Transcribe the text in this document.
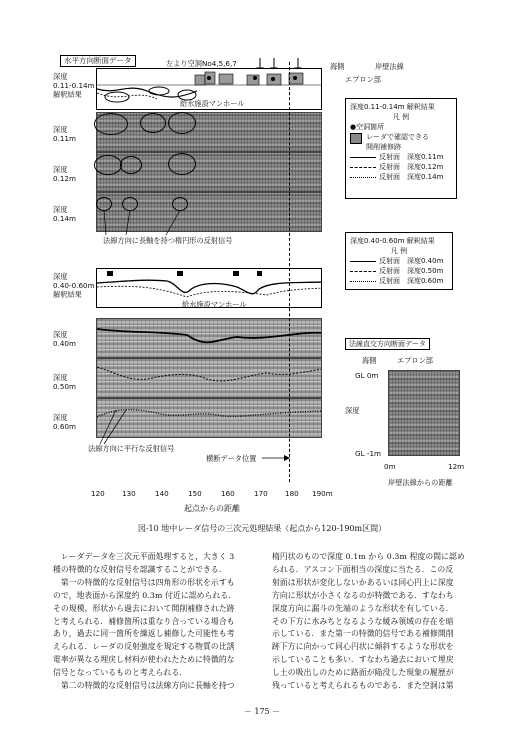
水平方向断面データ	左より空洞No4,5,6,7	海側	岸壁法線
エプロン部
給水施設マンホール
深度
0.11-0.14m
解釈結果
深度
0.11m
深度
0.12m
深度
0.14m
法線方向に長軸を持つ楕円形の反射信号
深度0.11-0.14m 解釈結果
凡 例
●空洞箇所
レーダで確認できる
開削補修跡
反射面　深度0.11m
反射面　深度0.12m
反射面　深度0.14m
給水施設マンホール
深度
0.40-0.60m
解釈結果
深度
0.40m
深度
0.50m
深度
0.60m
法線方向に平行な反射信号
横断データ位置
深度0.40-0.60m 解釈結果
凡 例
反射面　深度0.40m
反射面　深度0.50m
反射面　深度0.60m
法線直交方向断面データ
海側	エプロン部
GL 0m
深度
GL -1m
0m	12m
岸壁法線からの距離
120 130	140	150	160	170 180 190m
起点からの距離
図-10 地中レーダ信号の三次元処理結果（起点から120-190m区間）

　レーダデータを三次元平面処理すると，大きく 3

種の特徴的な反射信号を認識することができる．

　第一の特徴的な反射信号は四角形の形状を示すも

ので，地表面から深度約 0.3m 付近に認められる．

その規模，形状から過去において開削補修された跡

と考えられる．補修箇所は重なり合っている場合も

あり，過去に同一箇所を繰返し補修した可能性も考

えられる．レーダの反射強度を規定する物質の比誘

電率が異なる埋戻し材料が使われたために特徴的な

信号となっているものと考えられる．

　第二の特徴的な反射信号は法線方向に長軸を持つ

楕円状のもので深度 0.1m から 0.3m 程度の間に認め

られる．アスコン下面相当の深度に当たる．この反

射面は形状が変化しないかあるいは同心円上に深度

方向に形状が小さくなるのが特徴である．すなわち

深度方向に漏斗の先端のような形状を有している．

その下方に水みちとなるような緩み領域の存在を暗

示している．また第一の特徴的信号である補修開削

跡下方に向かって同心円状に傾斜するような形状を

示していることも多い．すなわち過去において埋戻

し土の吸出しのために路面が陥没した現象の履歴が

残っていると考えられるものである．また空洞は第

－ 175 －
